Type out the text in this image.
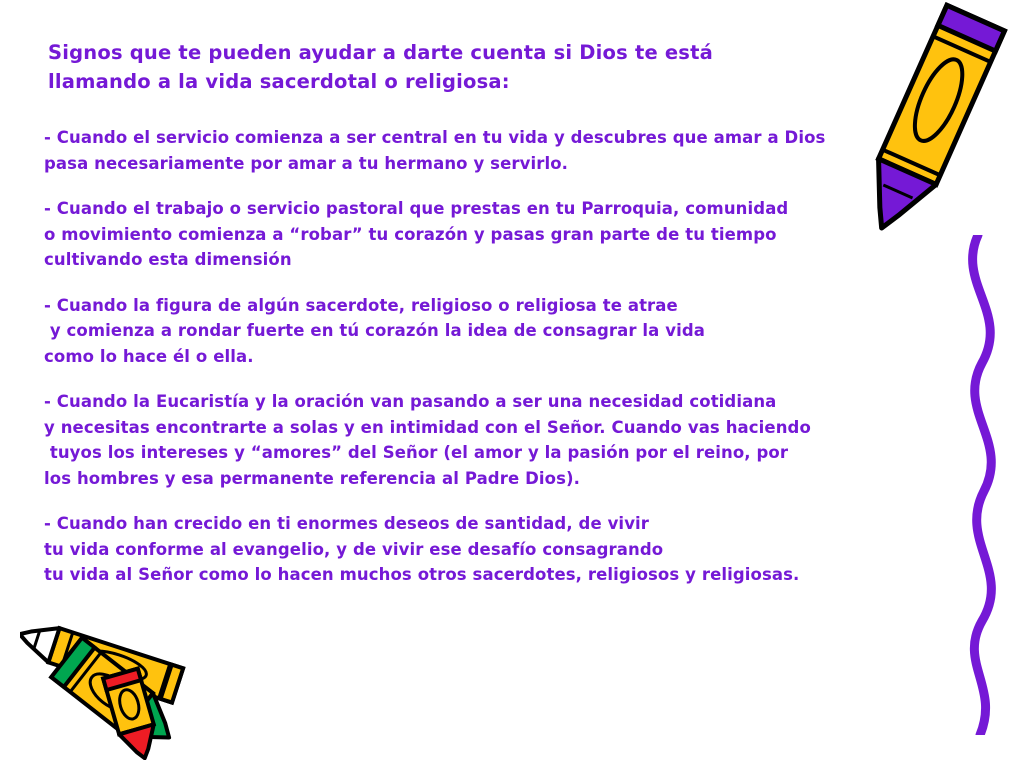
Signos que te pueden ayudar a darte cuenta si Dios te está llamando a la vida sacerdotal o religiosa:

- Cuando el servicio comienza a ser central en tu vida y descubres que amar a Dios
pasa necesariamente por amar a tu hermano y servirlo.

- Cuando el trabajo o servicio pastoral que prestas en tu Parroquia, comunidad
o movimiento comienza a “robar” tu corazón y pasas gran parte de tu tiempo
cultivando esta dimensión

- Cuando la figura de algún sacerdote, religioso o religiosa te atrae
y comienza a rondar fuerte en tú corazón la idea de consagrar la vida
como lo hace él o ella.

- Cuando la Eucaristía y la oración van pasando a ser una necesidad cotidiana
y necesitas encontrarte a solas y en intimidad con el Señor. Cuando vas haciendo
tuyos los intereses y “amores” del Señor (el amor y la pasión por el reino, por
los hombres y esa permanente referencia al Padre Dios).

- Cuando han crecido en ti enormes deseos de santidad, de vivir
tu vida conforme al evangelio, y de vivir ese desafío consagrando
tu vida al Señor como lo hacen muchos otros sacerdotes, religiosos y religiosas.
